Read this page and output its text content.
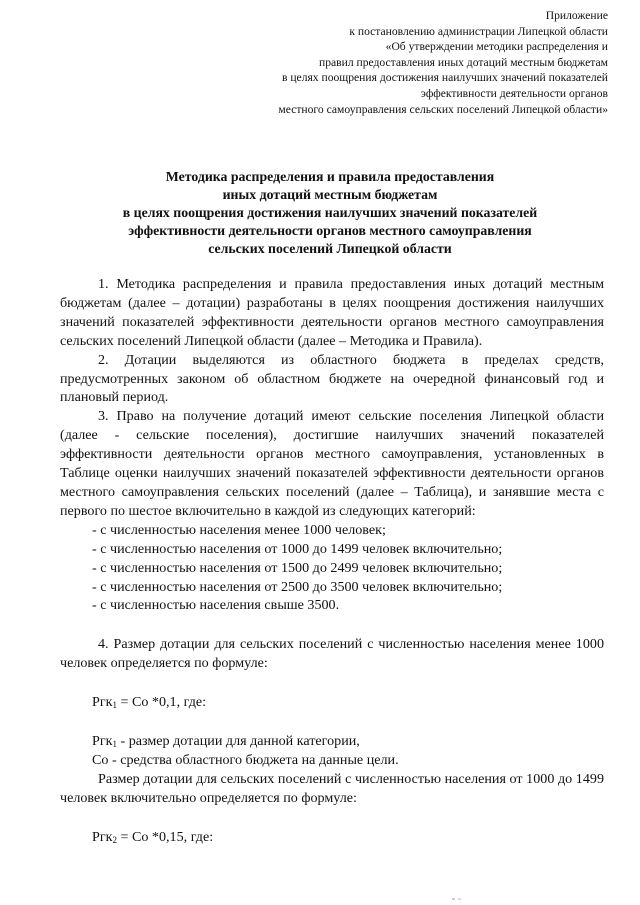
Приложение
к постановлению администрации Липецкой области
«Об утверждении методики распределения и
правил предоставления иных дотаций местным бюджетам
в целях поощрения достижения наилучших значений показателей
эффективности деятельности органов
местного самоуправления сельских поселений Липецкой области»
Методика распределения и правила предоставления
иных дотаций местным бюджетам
в целях поощрения достижения наилучших значений показателей
эффективности деятельности органов местного самоуправления
сельских поселений Липецкой области

1. Методика распределения и правила предоставления иных дотаций местным бюджетам (далее – дотации) разработаны в целях поощрения достижения наилучших значений показателей эффективности деятельности органов местного самоуправления сельских поселений Липецкой области (далее – Методика и Правила).

2. Дотации выделяются из областного бюджета в пределах средств, предусмотренных законом об областном бюджете на очередной финансовый год и плановый период.

3. Право на получение дотаций имеют сельские поселения Липецкой области (далее - сельские поселения), достигшие наилучших значений показателей эффективности деятельности органов местного самоуправления, установленных в Таблице оценки наилучших значений показателей эффективности деятельности органов местного самоуправления сельских поселений (далее – Таблица), и занявшие места с первого по шестое включительно в каждой из следующих категорий:

- с численностью населения менее 1000 человек;

- с численностью населения от 1000 до 1499 человек включительно;

- с численностью населения от 1500 до 2499 человек включительно;

- с численностью населения от 2500 до 3500 человек включительно;

- с численностью населения свыше 3500.

4. Размер дотации для сельских поселений с численностью населения менее 1000 человек определяется по формуле:

Ргк$_1$ = Со *0,1, где:

Ргк$_1$ - размер дотации для данной категории,

Со - средства областного бюджета на данные цели.

Размер дотации для сельских поселений с численностью населения от 1000 до 1499 человек включительно определяется по формуле:

Ргк$_2$ = Со *0,15, где:
